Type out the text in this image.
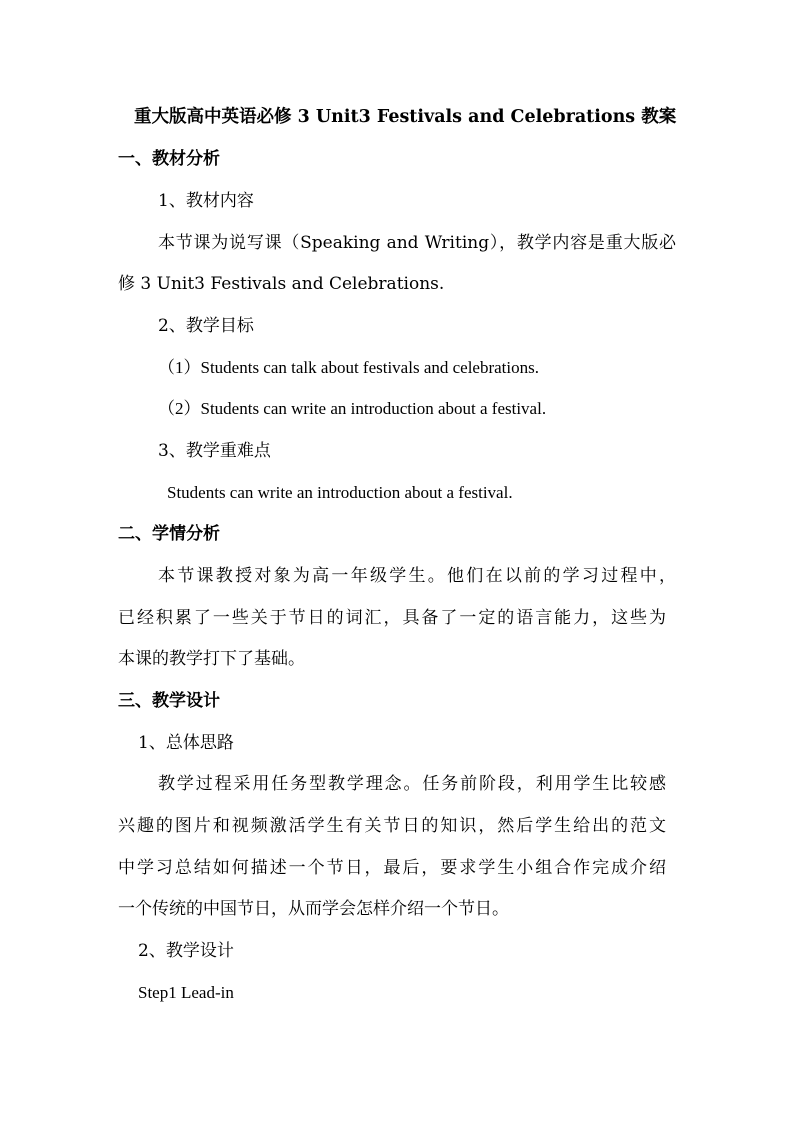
重大版高中英语必修 3 Unit3 Festivals and Celebrations 教案
一、教材分析
1、教材内容
本节课为说写课（Speaking and Writing），教学内容是重大版必
修 3 Unit3 Festivals and Celebrations.
2、教学目标
（1）Students can talk about festivals and celebrations.
（2）Students can write an introduction about a festival.
3、教学重难点
Students can write an introduction about a festival.
二、学情分析
本节课教授对象为高一年级学生。他们在以前的学习过程中，
已经积累了一些关于节日的词汇，具备了一定的语言能力，这些为
本课的教学打下了基础。
三、教学设计
1、总体思路
教学过程采用任务型教学理念。任务前阶段，利用学生比较感
兴趣的图片和视频激活学生有关节日的知识，然后学生给出的范文
中学习总结如何描述一个节日，最后，要求学生小组合作完成介绍
一个传统的中国节日，从而学会怎样介绍一个节日。
2、教学设计
Step1 Lead-in
